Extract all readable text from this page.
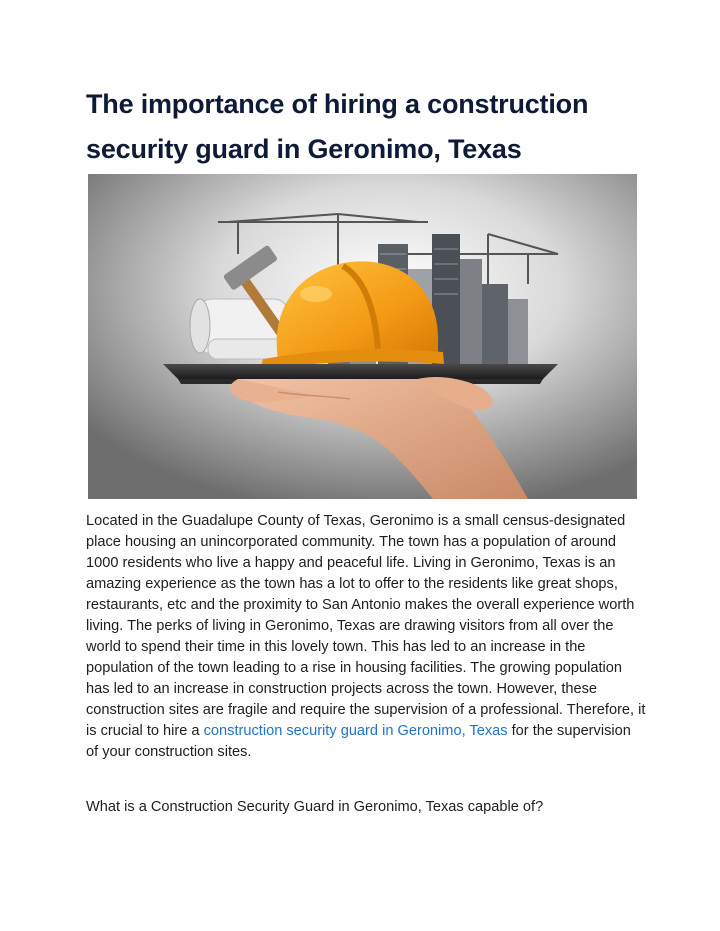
The importance of hiring a construction security guard in Geronimo, Texas

Located in the Guadalupe County of Texas, Geronimo is a small census-designated place housing an unincorporated community. The town has a population of around 1000 residents who live a happy and peaceful life. Living in Geronimo, Texas is an amazing experience as the town has a lot to offer to the residents like great shops, restaurants, etc and the proximity to San Antonio makes the overall experience worth living. The perks of living in Geronimo, Texas are drawing visitors from all over the world to spend their time in this lovely town. This has led to an increase in the population of the town leading to a rise in housing facilities. The growing population has led to an increase in construction projects across the town. However, these construction sites are fragile and require the supervision of a professional. Therefore, it is crucial to hire a construction security guard in Geronimo, Texas for the supervision of your construction sites.

What is a Construction Security Guard in Geronimo, Texas capable of?
